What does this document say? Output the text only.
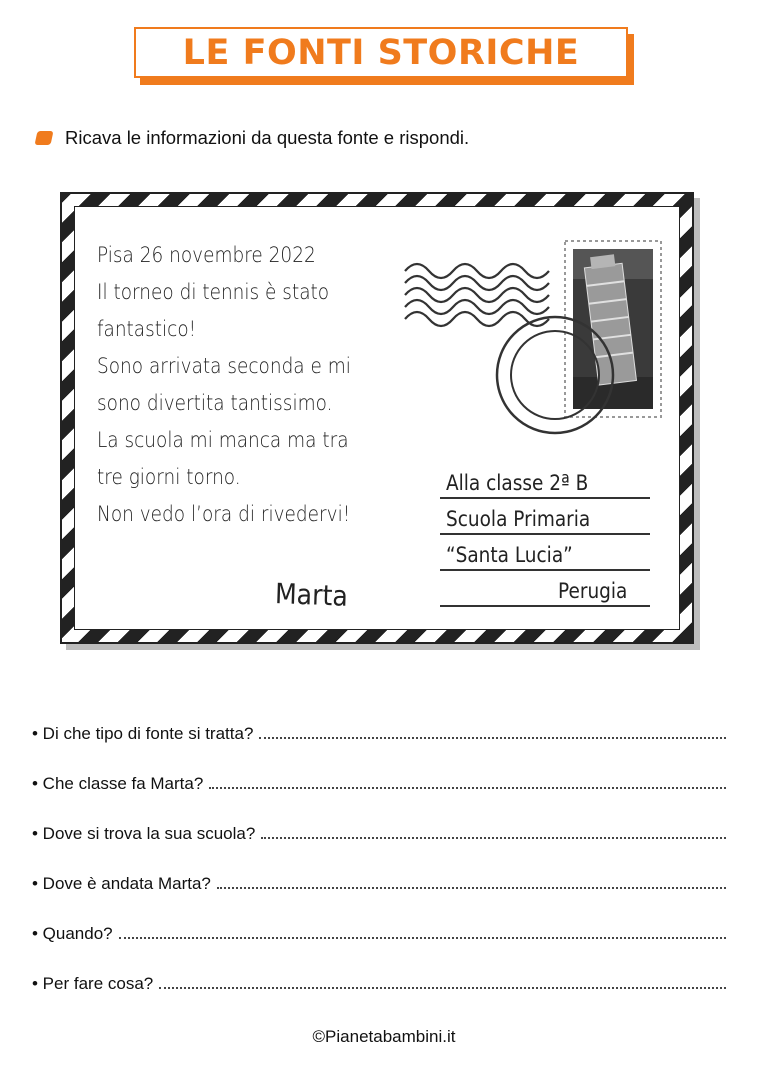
LE FONTI STORICHE
Ricava le informazioni da questa fonte e rispondi.
Pisa 26 novembre 2022
Il torneo di tennis è stato
fantastico!
Sono arrivata seconda e mi
sono divertita tantissimo.
La scuola mi manca ma tra
tre giorni torno.
Non vedo l’ora di rivedervi!
Marta
Alla classe 2ª B
Scuola Primaria
“Santa Lucia”
Perugia
• Di che tipo di fonte si tratta?
• Che classe fa Marta?
• Dove si trova la sua scuola?
• Dove è andata Marta?
• Quando?
• Per fare cosa?
©Pianetabambini.it
